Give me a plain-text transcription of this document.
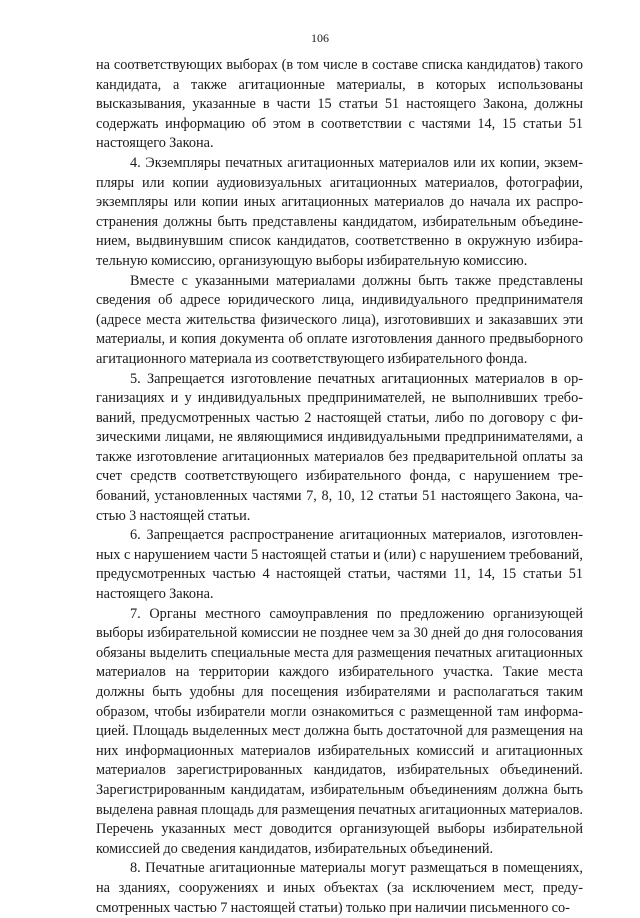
106

на соответствующих выборах (в том числе в составе списка кандидатов) такого кандидата, а также агитационные материалы, в которых использованы высказывания, указанные в части 15 статьи 51 настоящего Закона, должны содержать информацию об этом в соответствии с частями 14, 15 статьи 51 настоящего Закона.

4. Экземпляры печатных агитационных материалов или их копии, экземпляры или копии аудиовизуальных агитационных материалов, фотографии, экземпляры или копии иных агитационных материалов до начала их распространения должны быть представлены кандидатом, избирательным объединением, выдвинувшим список кандидатов, соответственно в окружную избирательную комиссию, организующую выборы избирательную комиссию.

Вместе с указанными материалами должны быть также представлены сведения об адресе юридического лица, индивидуального предпринимателя (адресе места жительства физического лица), изготовивших и заказавших эти материалы, и копия документа об оплате изготовления данного предвыборного агитационного материала из соответствующего избирательного фонда.

5. Запрещается изготовление печатных агитационных материалов в организациях и у индивидуальных предпринимателей, не выполнивших требований, предусмотренных частью 2 настоящей статьи, либо по договору с физическими лицами, не являющимися индивидуальными предпринимателями, а также изготовление агитационных материалов без предварительной оплаты за счет средств соответствующего избирательного фонда, с нарушением требований, установленных частями 7, 8, 10, 12 статьи 51 настоящего Закона, частью 3 настоящей статьи.

6. Запрещается распространение агитационных материалов, изготовленных с нарушением части 5 настоящей статьи и (или) с нарушением требований, предусмотренных частью 4 настоящей статьи, частями 11, 14, 15 статьи 51 настоящего Закона.

7. Органы местного самоуправления по предложению организующей выборы избирательной комиссии не позднее чем за 30 дней до дня голосования обязаны выделить специальные места для размещения печатных агитационных материалов на территории каждого избирательного участка. Такие места должны быть удобны для посещения избирателями и располагаться таким образом, чтобы избиратели могли ознакомиться с размещенной там информацией. Площадь выделенных мест должна быть достаточной для размещения на них информационных материалов избирательных комиссий и агитационных материалов зарегистрированных кандидатов, избирательных объединений. Зарегистрированным кандидатам, избирательным объединениям должна быть выделена равная площадь для размещения печатных агитационных материалов. Перечень указанных мест доводится организующей выборы избирательной комиссией до сведения кандидатов, избирательных объединений.

8. Печатные агитационные материалы могут размещаться в помещениях, на зданиях, сооружениях и иных объектах (за исключением мест, предусмотренных частью 7 настоящей статьи) только при наличии письменного со-
